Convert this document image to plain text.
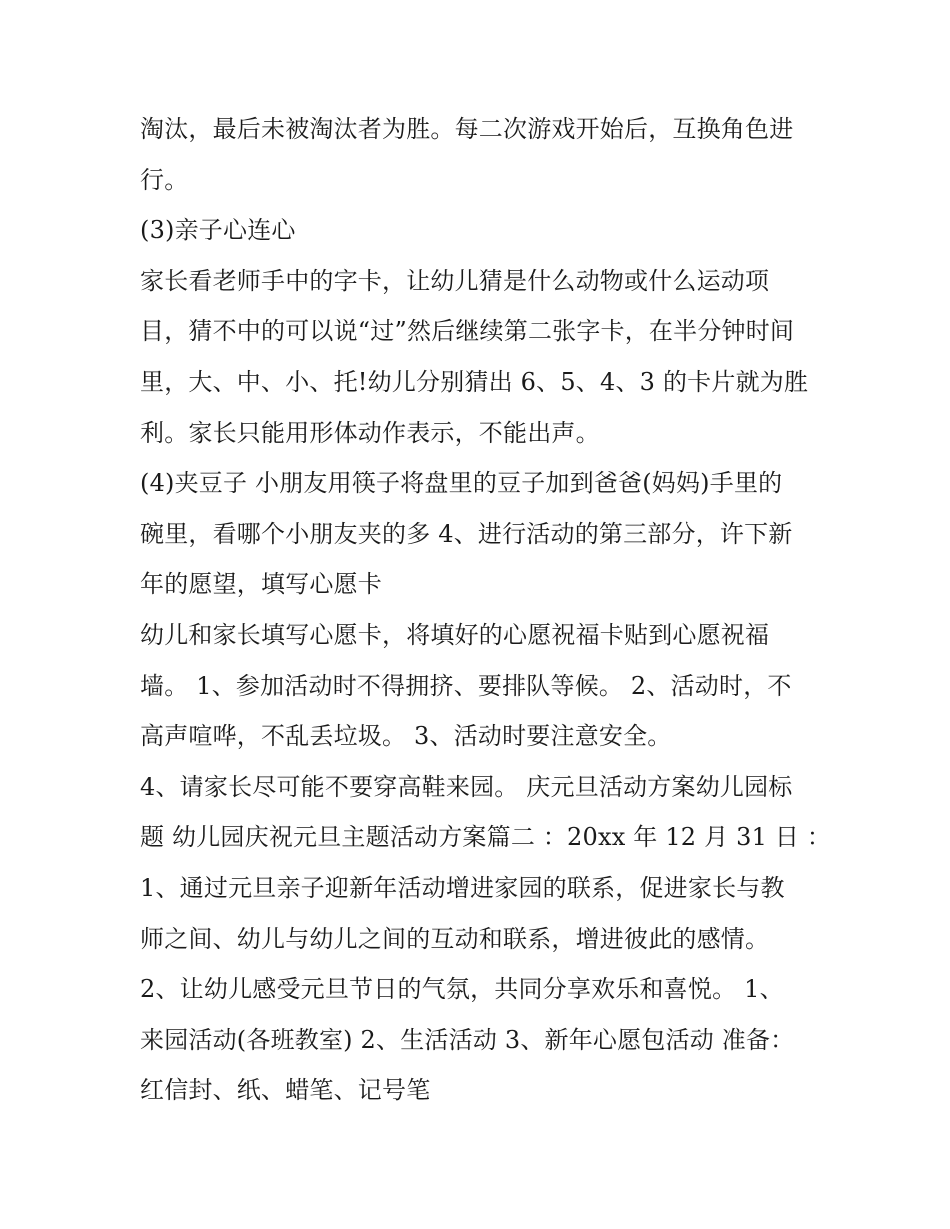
淘汰，最后未被淘汰者为胜。每二次游戏开始后，互换角色进
行。
(3)亲子心连心
家长看老师手中的字卡，让幼儿猜是什么动物或什么运动项
目，猜不中的可以说“过”然后继续第二张字卡，在半分钟时间
里，大、中、小、托!幼儿分别猜出 6、5、4、3 的卡片就为胜
利。家长只能用形体动作表示，不能出声。
(4)夹豆子 小朋友用筷子将盘里的豆子加到爸爸(妈妈)手里的
碗里，看哪个小朋友夹的多 4、进行活动的第三部分，许下新
年的愿望，填写心愿卡
幼儿和家长填写心愿卡，将填好的心愿祝福卡贴到心愿祝福
墙。 1、参加活动时不得拥挤、要排队等候。 2、活动时，不
高声喧哗，不乱丢垃圾。 3、活动时要注意安全。
4、请家长尽可能不要穿高鞋来园。 庆元旦活动方案幼儿园标
题 幼儿园庆祝元旦主题活动方案篇二 ：20xx 年 12 月 31 日 ：
1、通过元旦亲子迎新年活动增进家园的联系，促进家长与教
师之间、幼儿与幼儿之间的互动和联系，增进彼此的感情。
2、让幼儿感受元旦节日的气氛，共同分享欢乐和喜悦。 1、
来园活动(各班教室) 2、生活活动 3、新年心愿包活动 准备：
红信封、纸、蜡笔、记号笔
